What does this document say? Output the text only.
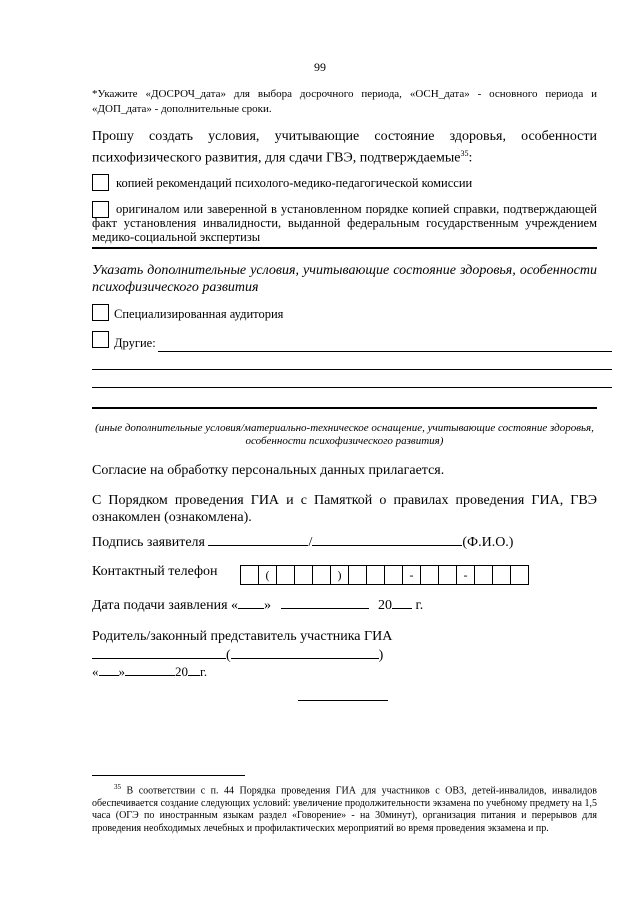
99
*Укажите «ДОСРОЧ_дата» для выбора досрочного периода, «ОСН_дата» - основного периода и «ДОП_дата» - дополнительные сроки.
Прошу создать условия, учитывающие состояние здоровья, особенности психофизического развития, для сдачи ГВЭ, подтверждаемые$^{35}$:
копией рекомендаций психолого-медико-педагогической комиссии
оригиналом или заверенной в установленном порядке копией справки, подтверждающей факт установления инвалидности, выданной федеральным государственным учреждением медико-социальной экспертизы
Указать дополнительные условия, учитывающие состояние здоровья, особенности психофизического развития
Специализированная аудитория
Другие:
(иные дополнительные условия/материально-техническое оснащение, учитывающие состояние здоровья, особенности психофизического развития)
Согласие на обработку персональных данных прилагается.
С Порядком проведения ГИА и с Памяткой о правилах проведения ГИА, ГВЭ ознакомлен (ознакомлена).
Подпись заявителя	/	(Ф.И.О.)
Контактный телефон	(	)	-	-
Дата подачи заявления « »	20 г.
Родитель/законный представитель участника ГИА
(	)
« »	20 г.
$^{35}$ В соответствии с п. 44 Порядка проведения ГИА для участников с ОВЗ, детей-инвалидов, инвалидов обеспечивается создание следующих условий: увеличение продолжительности экзамена по учебному предмету на 1,5 часа (ОГЭ по иностранным языкам раздел «Говорение» - на 30минут), организация питания и перерывов для проведения необходимых лечебных и профилактических мероприятий во время проведения экзамена и пр.
